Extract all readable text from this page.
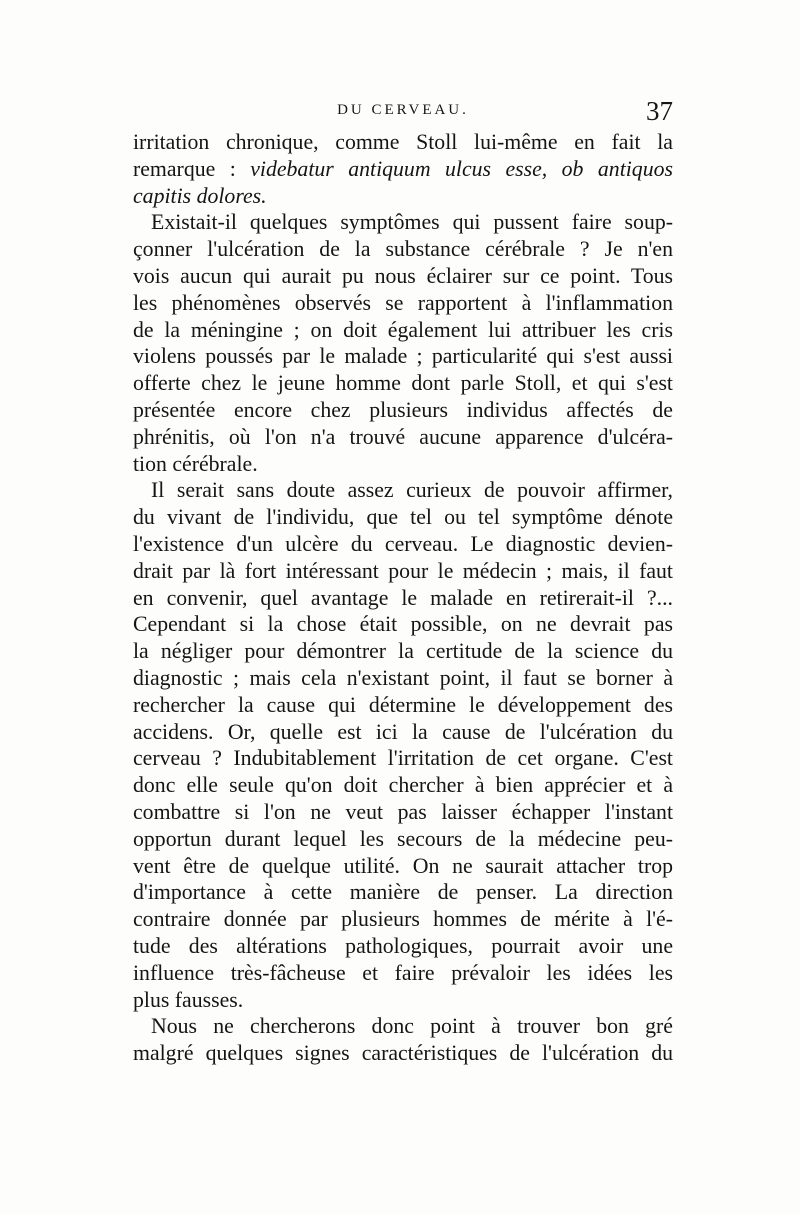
DU CERVEAU.	37
irritation chronique, comme Stoll lui-même en fait la
remarque : videbatur antiquum ulcus esse, ob antiquos
capitis dolores.
Existait-il quelques symptômes qui pussent faire soup-
çonner l'ulcération de la substance cérébrale ? Je n'en
vois aucun qui aurait pu nous éclairer sur ce point. Tous
les phénomènes observés se rapportent à l'inflammation
de la méningine ; on doit également lui attribuer les cris
violens poussés par le malade ; particularité qui s'est aussi
offerte chez le jeune homme dont parle Stoll, et qui s'est
présentée encore chez plusieurs individus affectés de
phrénitis, où l'on n'a trouvé aucune apparence d'ulcéra-
tion cérébrale.
Il serait sans doute assez curieux de pouvoir affirmer,
du vivant de l'individu, que tel ou tel symptôme dénote
l'existence d'un ulcère du cerveau. Le diagnostic devien-
drait par là fort intéressant pour le médecin ; mais, il faut
en convenir, quel avantage le malade en retirerait-il ?...
Cependant si la chose était possible, on ne devrait pas
la négliger pour démontrer la certitude de la science du
diagnostic ; mais cela n'existant point, il faut se borner à
rechercher la cause qui détermine le développement des
accidens. Or, quelle est ici la cause de l'ulcération du
cerveau ? Indubitablement l'irritation de cet organe. C'est
donc elle seule qu'on doit chercher à bien apprécier et à
combattre si l'on ne veut pas laisser échapper l'instant
opportun durant lequel les secours de la médecine peu-
vent être de quelque utilité. On ne saurait attacher trop
d'importance à cette manière de penser. La direction
contraire donnée par plusieurs hommes de mérite à l'é-
tude des altérations pathologiques, pourrait avoir une
influence très-fâcheuse et faire prévaloir les idées les
plus fausses.
Nous ne chercherons donc point à trouver bon gré
malgré quelques signes caractéristiques de l'ulcération du
